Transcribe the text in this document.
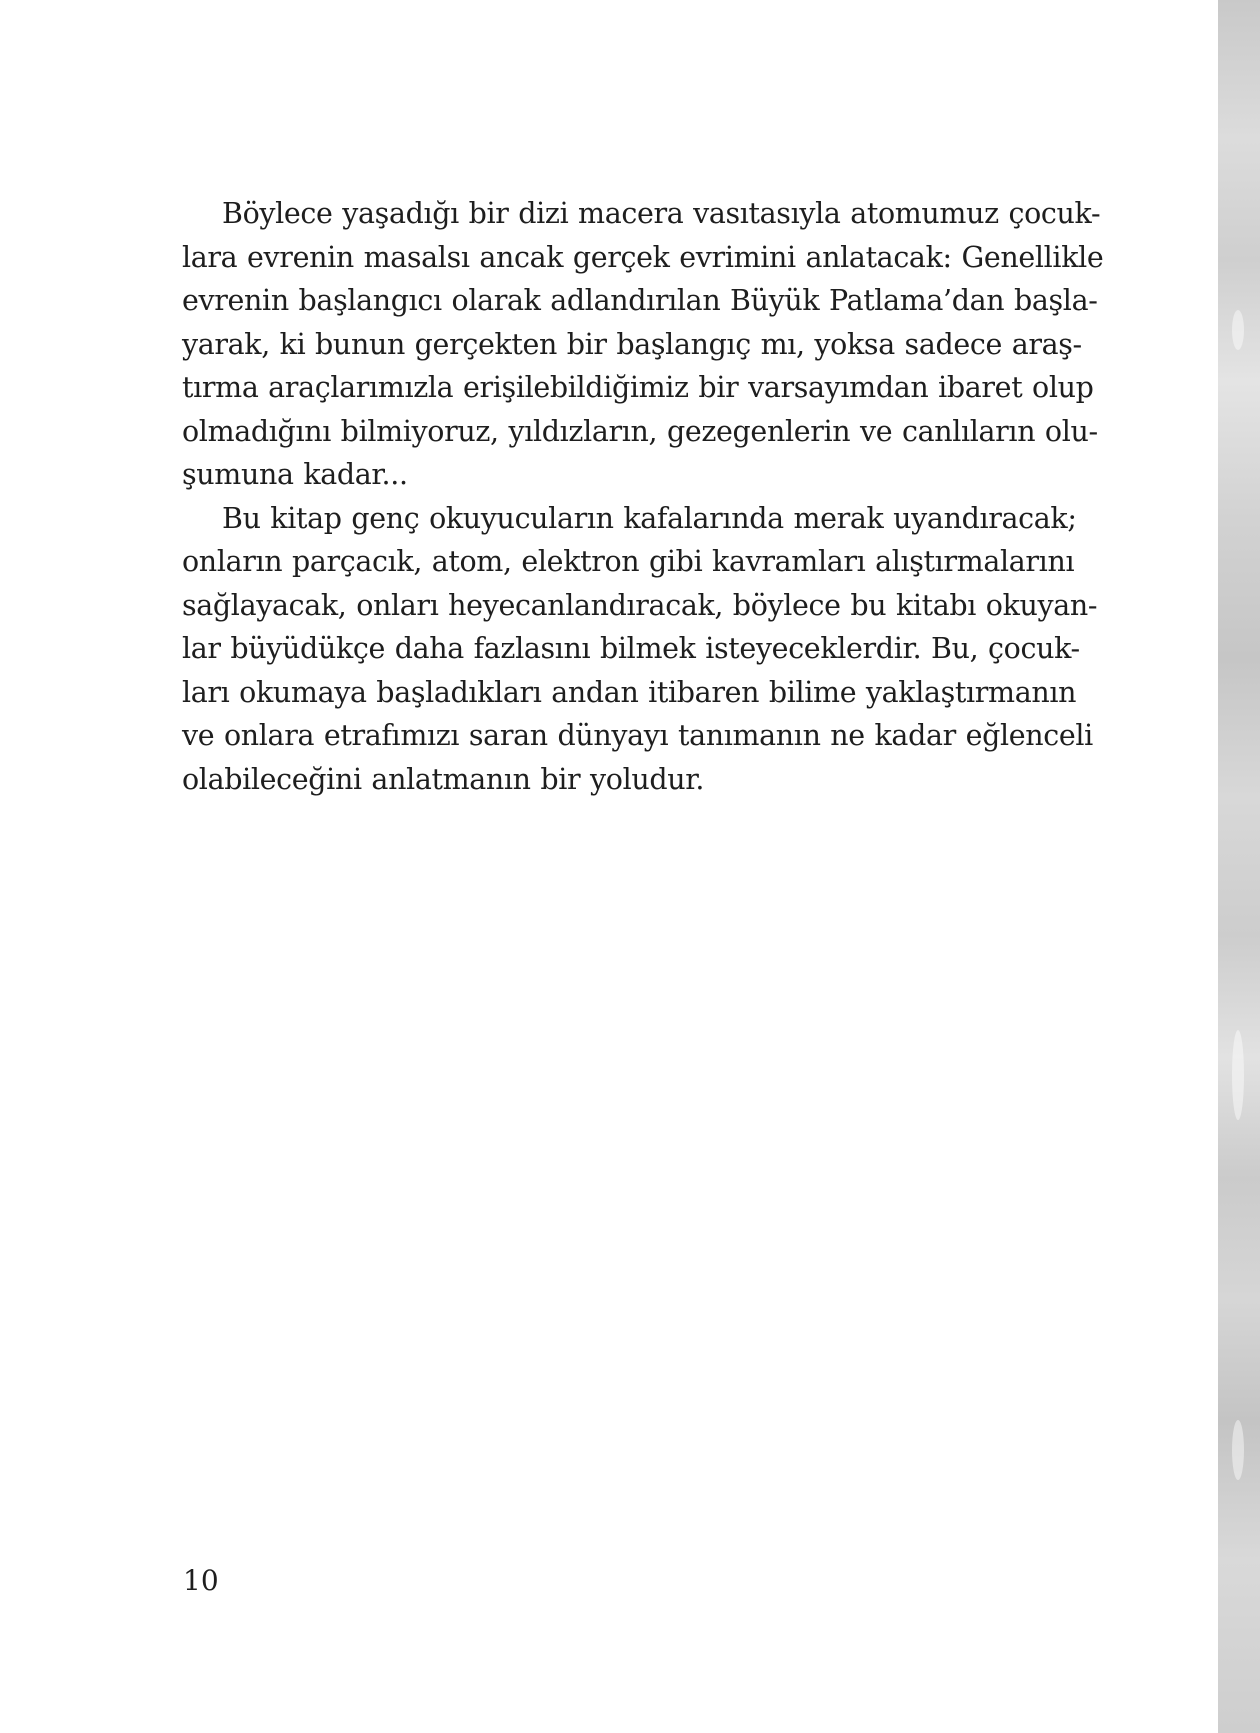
Böylece yaşadığı bir dizi macera vasıtasıyla atomumuz çocuk-
lara evrenin masalsı ancak gerçek evrimini anlatacak: Genellikle
evrenin başlangıcı olarak adlandırılan Büyük Patlama’dan başla-
yarak, ki bunun gerçekten bir başlangıç mı, yoksa sadece araş-
tırma araçlarımızla erişilebildiğimiz bir varsayımdan ibaret olup
olmadığını bilmiyoruz, yıldızların, gezegenlerin ve canlıların olu-
şumuna kadar...
Bu kitap genç okuyucuların kafalarında merak uyandıracak;
onların parçacık, atom, elektron gibi kavramları alıştırmalarını
sağlayacak, onları heyecanlandıracak, böylece bu kitabı okuyan-
lar büyüdükçe daha fazlasını bilmek isteyeceklerdir. Bu, çocuk-
ları okumaya başladıkları andan itibaren bilime yaklaştırmanın
ve onlara etrafımızı saran dünyayı tanımanın ne kadar eğlenceli
olabileceğini anlatmanın bir yoludur.
10
